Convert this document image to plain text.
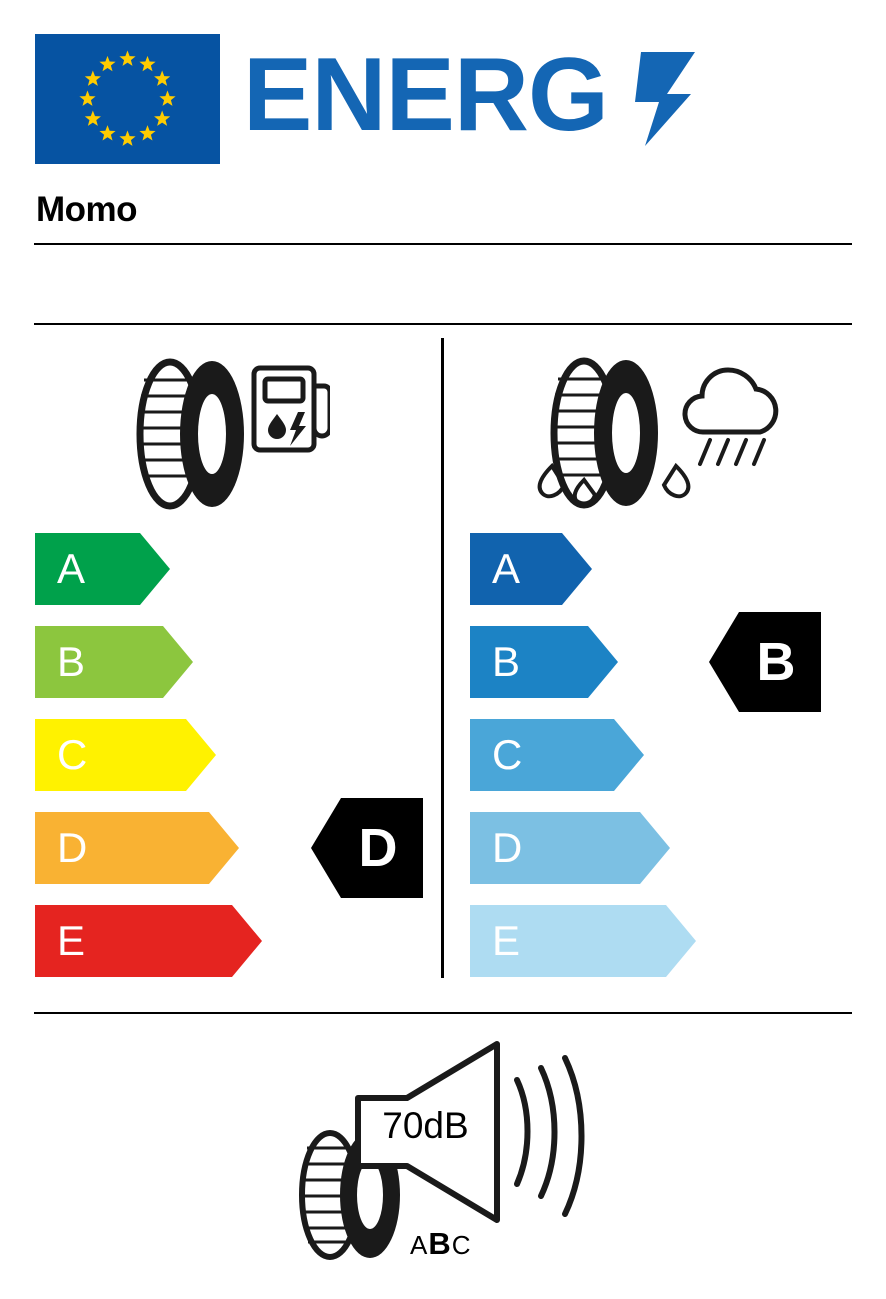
ENERG
Momo
A
B
C
D
E
D
A
B
C
D
E
B
70dB
ABC
